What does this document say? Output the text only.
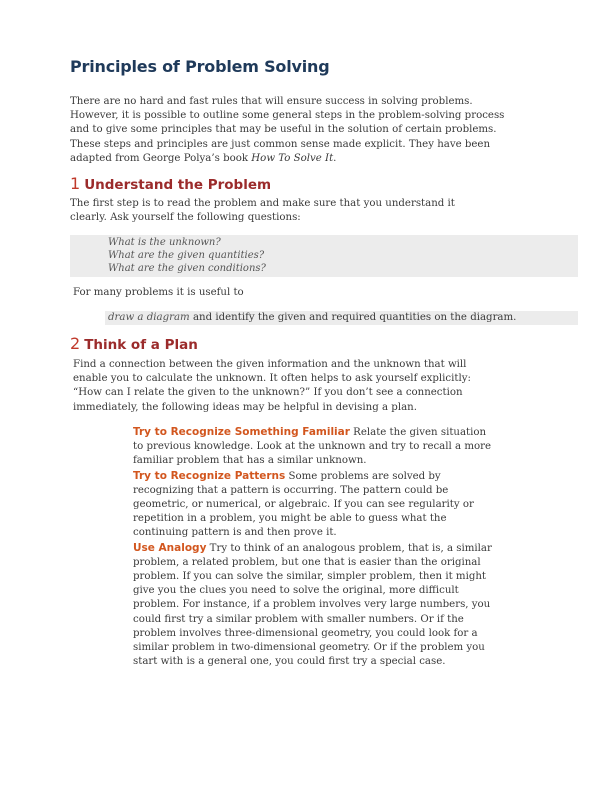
Principles of Problem Solving

There are no hard and fast rules that will ensure success in solving problems. However, it is possible to outline some general steps in the problem-solving process and to give some principles that may be useful in the solution of certain problems. These steps and principles are just common sense made explicit. They have been adapted from George Polya’s book How To Solve It.

1 Understand the Problem

The first step is to read the problem and make sure that you understand it clearly. Ask yourself the following questions:

What is the unknown?
What are the given quantities?
What are the given conditions?

For many problems it is useful to

draw a diagram and identify the given and required quantities on the diagram.
2 Think of a Plan

Find a connection between the given information and the unknown that will enable you to calculate the unknown. It often helps to ask yourself explicitly: “How can I relate the given to the unknown?” If you don’t see a connection immediately, the following ideas may be helpful in devising a plan.

Try to Recognize Something Familiar Relate the given situation to previous knowledge. Look at the unknown and try to recall a more familiar problem that has a similar unknown.

Try to Recognize Patterns Some problems are solved by recognizing that a pattern is occurring. The pattern could be geometric, or numerical, or algebraic. If you can see regularity or repetition in a problem, you might be able to guess what the continuing pattern is and then prove it.

Use Analogy Try to think of an analogous problem, that is, a similar problem, a related problem, but one that is easier than the original problem. If you can solve the similar, simpler problem, then it might give you the clues you need to solve the original, more difficult problem. For instance, if a problem involves very large numbers, you could first try a similar problem with smaller numbers. Or if the problem involves three-dimensional geometry, you could look for a similar problem in two-dimensional geometry. Or if the problem you start with is a general one, you could first try a special case.
